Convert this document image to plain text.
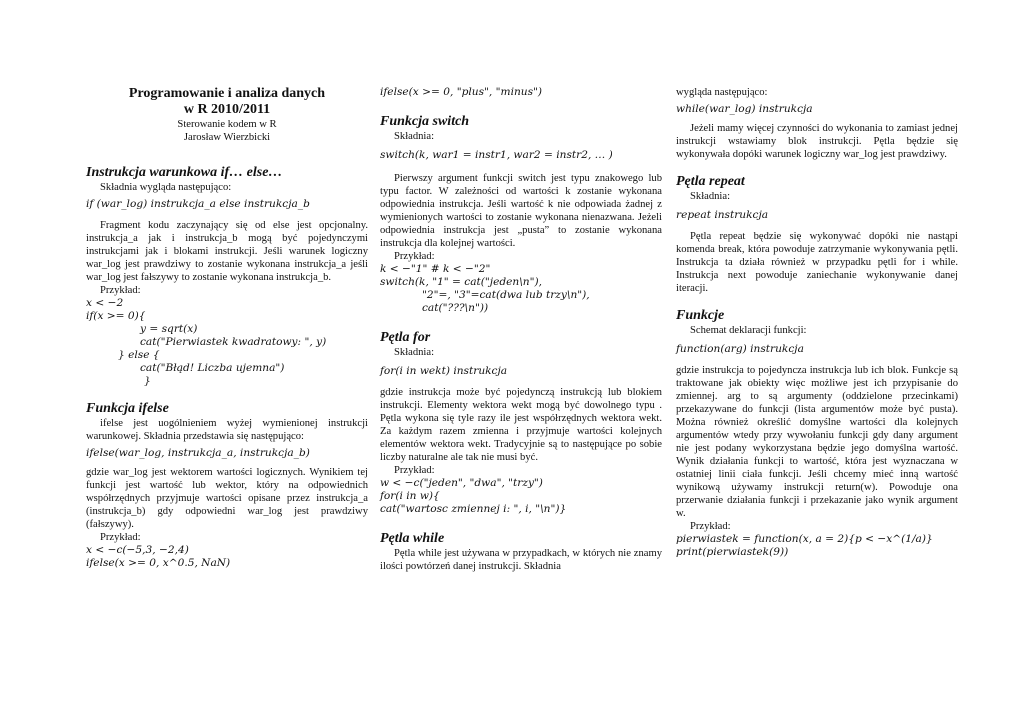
Programowanie i analiza danych

w R 2010/2011

Sterowanie kodem w R

Jarosław Wierzbicki

Instrukcja warunkowa if… else…

Składnia wygląda następująco:

if (war_log) instrukcja_a else instrukcja_b

Fragment kodu zaczynający się od else jest opcjonalny. instrukcja_a jak i instrukcja_b mogą być pojedynczymi instrukcjami jak i blokami instrukcji. Jeśli warunek logiczny war_log jest prawdziwy to zostanie wykonana instrukcja_a jeśli war_log jest fałszywy to zostanie wykonana instrukcja_b.

Przykład:

x < −2

if(x >= 0){

y = sqrt(x)

cat("Pierwiastek kwadratowy: ", y)

} else {

cat("Błąd! Liczba ujemna")

}

Funkcja ifelse

ifelse jest uogólnieniem wyżej wymienionej instrukcji warunkowej. Składnia przedstawia się następująco:

ifelse(war_log, instrukcja_a, instrukcja_b)

gdzie war_log jest wektorem wartości logicznych. Wynikiem tej funkcji jest wartość lub wektor, który na odpowiednich współrzędnych przyjmuje wartości opisane przez instrukcja_a (instrukcja_b) gdy odpowiedni war_log jest prawdziwy (fałszywy).

Przykład:

x < −c(−5,3, −2,4)

ifelse(x >= 0, x^0.5, NaN)

ifelse(x >= 0, "plus", "minus")

Funkcja switch

Składnia:

switch(k, war1 = instr1, war2 = instr2, … )

Pierwszy argument funkcji switch jest typu znakowego lub typu factor. W zależności od wartości k zostanie wykonana odpowiednia instrukcja. Jeśli wartość k nie odpowiada żadnej z wymienionych wartości to zostanie wykonana nienazwana. Jeżeli odpowiednia instrukcja jest „pusta” to zostanie wykonana instrukcja dla kolejnej wartości.

Przykład:

k < −"1" # k < −"2"

switch(k, "1" = cat("jeden\n"),

"2"=, "3"=cat(dwa lub trzy\n"),

cat("???\n"))

Pętla for

Składnia:

for(i in wekt) instrukcja

gdzie instrukcja może być pojedynczą instrukcją lub blokiem instrukcji. Elementy wektora wekt mogą być dowolnego typu . Pętla wykona się tyle razy ile jest współrzędnych wektora wekt. Za każdym razem zmienna i przyjmuje wartości kolejnych elementów wektora wekt. Tradycyjnie są to następujące po sobie liczby naturalne ale tak nie musi być.

Przykład:

w < −c("jeden", "dwa", "trzy")

for(i in w){

cat("wartosc zmiennej i: ", i, "\n")}

Pętla while

Pętla while jest używana w przypadkach, w których nie znamy ilości powtórzeń danej instrukcji. Składnia

wygląda następująco:

while(war_log) instrukcja

Jeżeli mamy więcej czynności do wykonania to zamiast jednej instrukcji wstawiamy blok instrukcji. Pętla będzie się wykonywała dopóki warunek logiczny war_log jest prawdziwy.

Pętla repeat

Składnia:

repeat instrukcja

Pętla repeat będzie się wykonywać dopóki nie nastąpi komenda break, która powoduje zatrzymanie wykonywania pętli. Instrukcja ta działa również w przypadku pętli for i while. Instrukcja next powoduje zaniechanie wykonywanie danej iteracji.

Funkcje

Schemat deklaracji funkcji:

function(arg) instrukcja

gdzie instrukcja to pojedyncza instrukcja lub ich blok. Funkcje są traktowane jak obiekty więc możliwe jest ich przypisanie do zmiennej. arg to są argumenty (oddzielone przecinkami) przekazywane do funkcji (lista argumentów może być pusta). Można również określić domyślne wartości dla kolejnych argumentów wtedy przy wywołaniu funkcji gdy dany argument nie jest podany wykorzystana będzie jego domyślna wartość. Wynik działania funkcji to wartość, która jest wyznaczana w ostatniej linii ciała funkcji. Jeśli chcemy mieć inną wartość wynikową używamy instrukcji return(w). Powoduje ona przerwanie działania funkcji i przekazanie jako wynik argument w.

Przykład:

pierwiastek = function(x, a = 2){p < −x^(1/a)}

print(pierwiastek(9))
